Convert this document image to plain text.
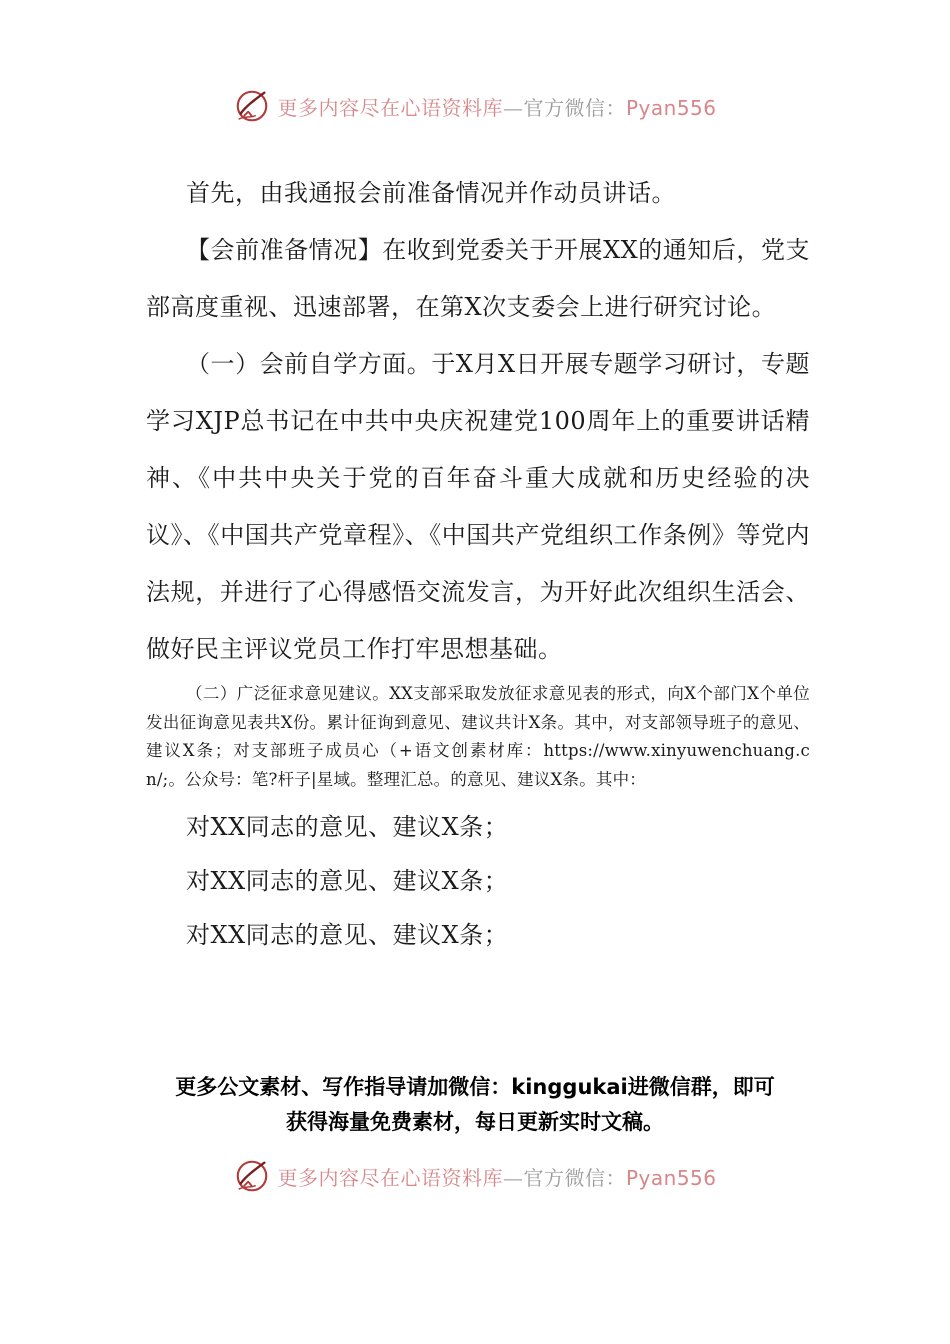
更多内容尽在心语资料库—官方微信：Pyan556

首先，由我通报会前准备情况并作动员讲话。

【会前准备情况】在收到党委关于开展XX的通知后，党支部高度重视、迅速部署，在第X次支委会上进行研究讨论。

（一）会前自学方面。于X月X日开展专题学习研讨，专题学习XJP总书记在中共中央庆祝建党100周年上的重要讲话精神、《中共中央关于党的百年奋斗重大成就和历史经验的决议》、《中国共产党章程》、《中国共产党组织工作条例》等党内法规，并进行了心得感悟交流发言，为开好此次组织生活会、做好民主评议党员工作打牢思想基础。

（二）广泛征求意见建议。XX支部采取发放征求意见表的形式，向X个部门X个单位发出征询意见表共X份。累计征询到意见、建议共计X条。其中，对支部领导班子的意见、建议X条；对支部班子成员心（+语文创素材库：https://www.xinyuwenchuang.cn/;。公众号：笔?杆子|星域。整理汇总。的意见、建议X条。其中：

对XX同志的意见、建议X条；

对XX同志的意见、建议X条；

对XX同志的意见、建议X条；

更多公文素材、写作指导请加微信：kinggukai进微信群，即可
获得海量免费素材，每日更新实时文稿。
更多内容尽在心语资料库—官方微信：Pyan556
